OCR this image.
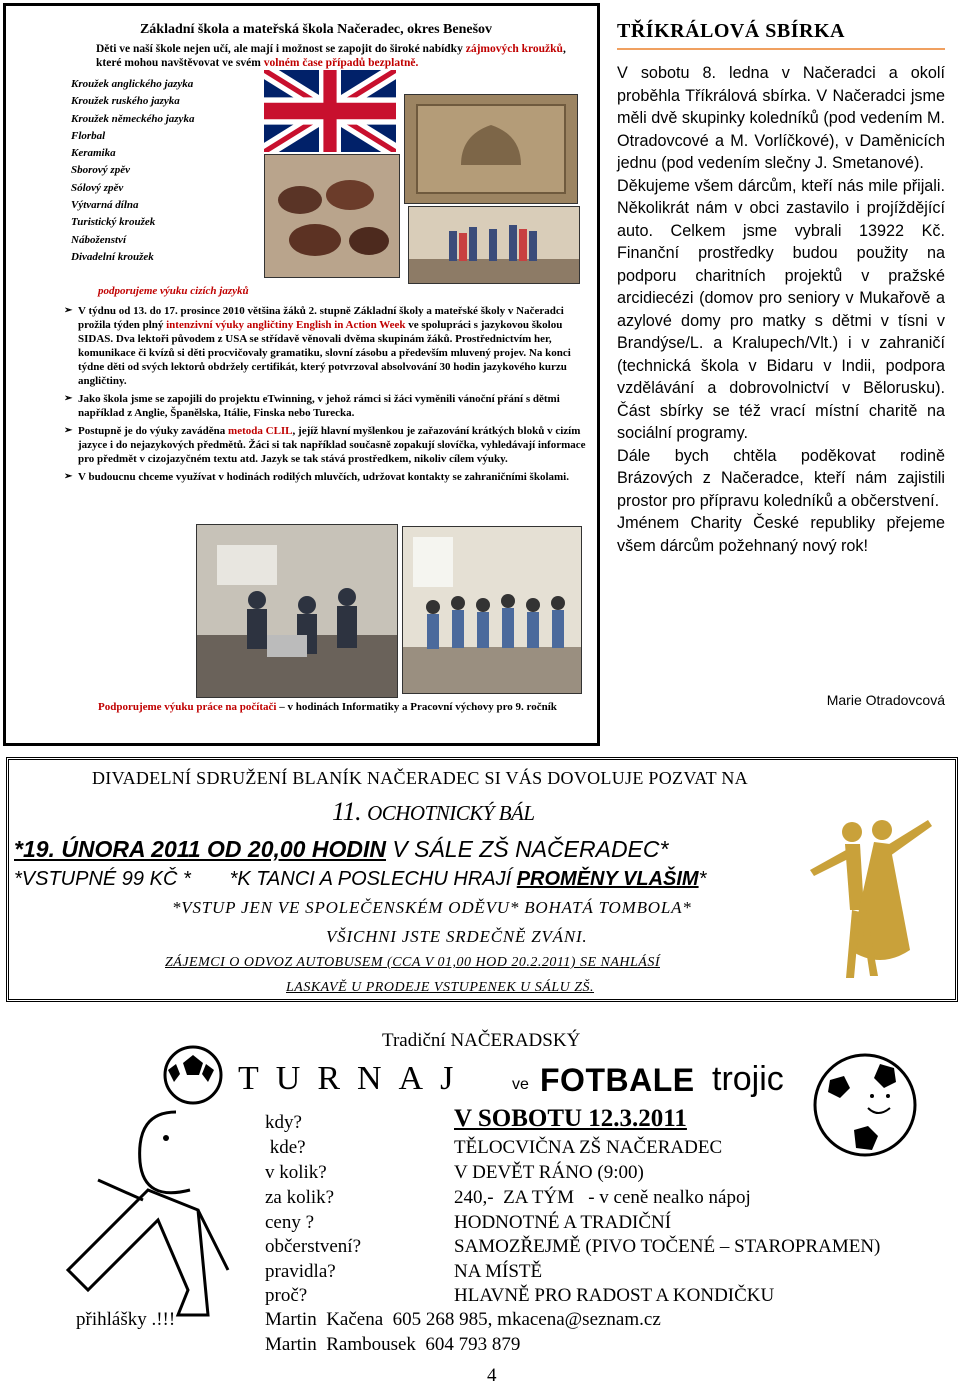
Základní škola a mateřská škola Načeradec, okres Benešov
Děti ve naší škole nejen učí, ale mají i možnost se zapojit do široké nabídky zájmových kroužků, které mohou navštěvovat ve svém volném čase případů bezplatně.
Kroužek anglického jazyka
Kroužek ruského jazyka
Kroužek německého jazyka
Florbal
Keramika
Sborový zpěv
Sólový zpěv
Výtvarná dílna
Turistický kroužek
Náboženství
Divadelní kroužek
podporujeme výuku cizích jazyků
➢ V týdnu od 13. do 17. prosince 2010 většina žáků 2. stupně Základní školy a mateřské školy v Načeradci prožila týden plný intenzivní výuky angličtiny English in Action Week ve spolupráci s jazykovou školou SIDAS. Dva lektoři původem z USA se střídavě věnovali dvěma skupinám žáků. Prostřednictvím her, komunikace či kvízů si děti procvičovaly gramatiku, slovní zásobu a především mluvený projev. Na konci týdne děti od svých lektorů obdržely certifikát, který potvrzoval absolvování 30 hodin jazykového kurzu angličtiny.
➢ Jako škola jsme se zapojili do projektu eTwinning, v jehož rámci si žáci vyměnili vánoční přání s dětmi například z Anglie, Španělska, Itálie, Finska nebo Turecka.
➢ Postupně je do výuky zaváděna metoda CLIL, jejíž hlavní myšlenkou je zařazování krátkých bloků v cizím jazyce i do nejazykových předmětů. Žáci si tak například současně zopakují slovíčka, vyhledávají informace pro předmět v cizojazyčném textu atd. Jazyk se tak stává prostředkem, nikoliv cílem výuky.
➢ V budoucnu chceme využívat v hodinách rodilých mluvčích, udržovat kontakty se zahraničními školami.
Podporujeme výuku práce na počítači – v hodinách Informatiky a Pracovní výchovy pro 9. ročník
TŘÍKRÁLOVÁ SBÍRKA

V sobotu 8. ledna v Načeradci a okolí proběhla Tříkrálová sbírka. V Načeradci jsme měli dvě skupinky koledníků (pod vedením M. Otradovcové a M. Vorlíčkové), v Daměnicích jednu (pod vedením slečny J. Smetanové).

Děkujeme všem dárcům, kteří nás mile přijali. Několikrát nám v obci zastavilo i projíždějící auto. Celkem jsme vybrali 13922 Kč. Finanční prostředky budou použity na podporu charitních projektů v pražské arcidiecézi (domov pro seniory v Mukařově a azylové domy pro matky s dětmi v tísni v Brandýse/L. a Kralupech/Vlt.) i v zahraničí (technická škola v Bidaru v Indii, podpora vzdělávání a dobrovolnictví v Bělorusku). Část sbírky se též vrací místní charitě na sociální programy.

Dále bych chtěla poděkovat rodině Brázových z Načeradce, kteří nám zajistili prostor pro přípravu koledníků a občerstvení.

Jménem Charity České republiky přejeme všem dárcům požehnaný nový rok!

Marie Otradovcová
DIVADELNÍ SDRUŽENÍ BLANÍK NAČERADEC SI VÁS DOVOLUJE POZVAT NA
11. OCHOTNICKÝ BÁL
*19. ÚNORA 2011 OD 20,00 HODIN V SÁLE ZŠ NAČERADEC*
*VSTUPNÉ 99 KČ *       *K TANCI A POSLECHU HRAJÍ PROMĚNY VLAŠIM*
*VSTUP JEN VE SPOLEČENSKÉM ODĚVU* BOHATÁ TOMBOLA*
VŠICHNI JSTE SRDEČNĚ ZVÁNI.
ZÁJEMCI O ODVOZ AUTOBUSEM (CCA V 01,00 HOD 20.2.2011) SE NAHLÁSÍ
LASKAVĚ U PRODEJE VSTUPENEK U SÁLU ZŠ.
Tradiční NAČERADSKÝ
TURNAJ	ve FOTBALE trojic
kdy?	V SOBOTU 12.3.2011
kde?	TĚLOCVIČNA ZŠ NAČERADEC
v kolik?	V DEVĚT RÁNO (9:00)
za kolik?	240,-  ZA TÝM   - v ceně nealko nápoj
ceny ?	HODNOTNÉ A TRADIČNÍ
občerstvení?	SAMOZŘEJMĚ (PIVO TOČENÉ – STAROPRAMEN)
pravidla?	NA MÍSTĚ
proč?	HLAVNĚ PRO RADOST A KONDIČKU
přihlášky .!!!	Martin  Kačena  605 268 985, mkacena@seznam.cz
Martin  Rambousek  604 793 879
4
